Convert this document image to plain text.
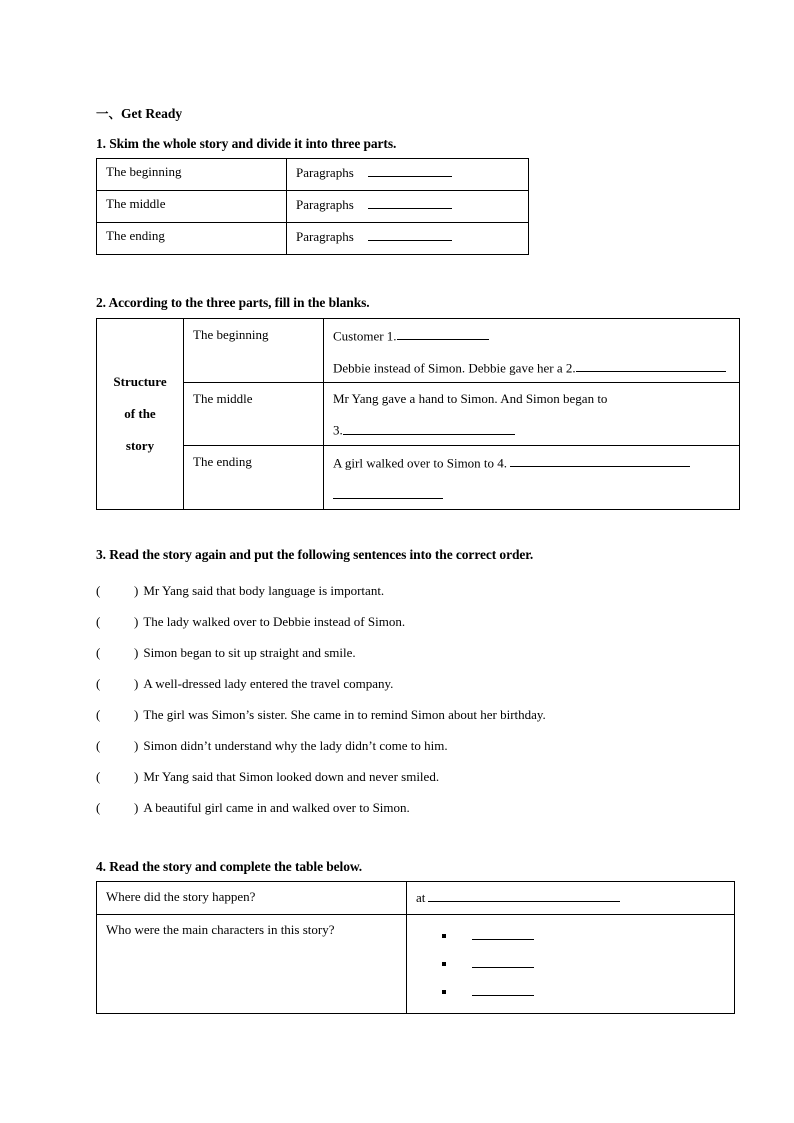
一、Get Ready
1. Skim the whole story and divide it into three parts.
The beginning	Paragraphs
The middle	Paragraphs
The ending	Paragraphs
2. According to the three parts, fill in the blanks.
Structure
of the
story
	The beginning	Customer 1.

Debbie instead of Simon. Debbie gave her a 2.

	The middle	Mr Yang gave a hand to Simon. And Simon began to

3.

	The ending	A girl walked over to Simon to 4.

3. Read the story again and put the following sentences into the correct order.
(	) Mr Yang said that body language is important.
(	) The lady walked over to Debbie instead of Simon.
(	) Simon began to sit up straight and smile.
(	) A well-dressed lady entered the travel company.
(	) The girl was Simon’s sister. She came in to remind Simon about her birthday.
(	) Simon didn’t understand why the lady didn’t come to him.
(	) Mr Yang said that Simon looked down and never smiled.
(	) A beautiful girl came in and walked over to Simon.
4. Read the story and complete the table below.
Where did the story happen?	at
Who were the main characters in this story?	
